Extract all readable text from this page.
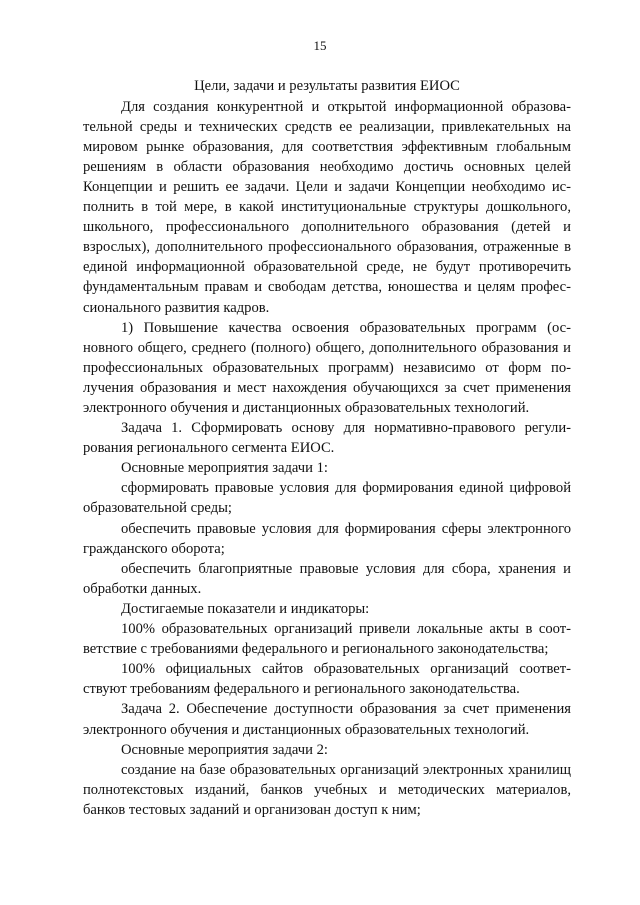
15

Цели, задачи и результаты развития ЕИОС

Для создания конкурентной и открытой информационной образовательной среды и технических средств ее реализации, привлекательных на мировом рынке образования, для соответствия эффективным глобальным решениям в области образования необходимо достичь основных целей Концепции и решить ее задачи. Цели и задачи Концепции необходимо исполнить в той мере, в какой институциональные структуры дошкольного, школьного, профессионального дополнительного образования (детей и взрослых), дополнительного профессионального образования, отраженные в единой информационной образовательной среде, не будут противоречить фундаментальным правам и свободам детства, юношества и целям профессионального развития кадров.

1) Повышение качества освоения образовательных программ (основного общего, среднего (полного) общего, дополнительного образования и профессиональных образовательных программ) независимо от форм получения образования и мест нахождения обучающихся за счет применения электронного обучения и дистанционных образовательных технологий.

Задача 1. Сформировать основу для нормативно-правового регулирования регионального сегмента ЕИОС.

Основные мероприятия задачи 1:

сформировать правовые условия для формирования единой цифровой образовательной среды;

обеспечить правовые условия для формирования сферы электронного гражданского оборота;

обеспечить благоприятные правовые условия для сбора, хранения и обработки данных.

Достигаемые показатели и индикаторы:

100% образовательных организаций привели локальные акты в соответствие с требованиями федерального и регионального законодательства;

100% официальных сайтов образовательных организаций соответствуют требованиям федерального и регионального законодательства.

Задача 2. Обеспечение доступности образования за счет применения электронного обучения и дистанционных образовательных технологий.

Основные мероприятия задачи 2:

создание на базе образовательных организаций электронных хранилищ полнотекстовых изданий, банков учебных и методических материалов, банков тестовых заданий и организован доступ к ним;
